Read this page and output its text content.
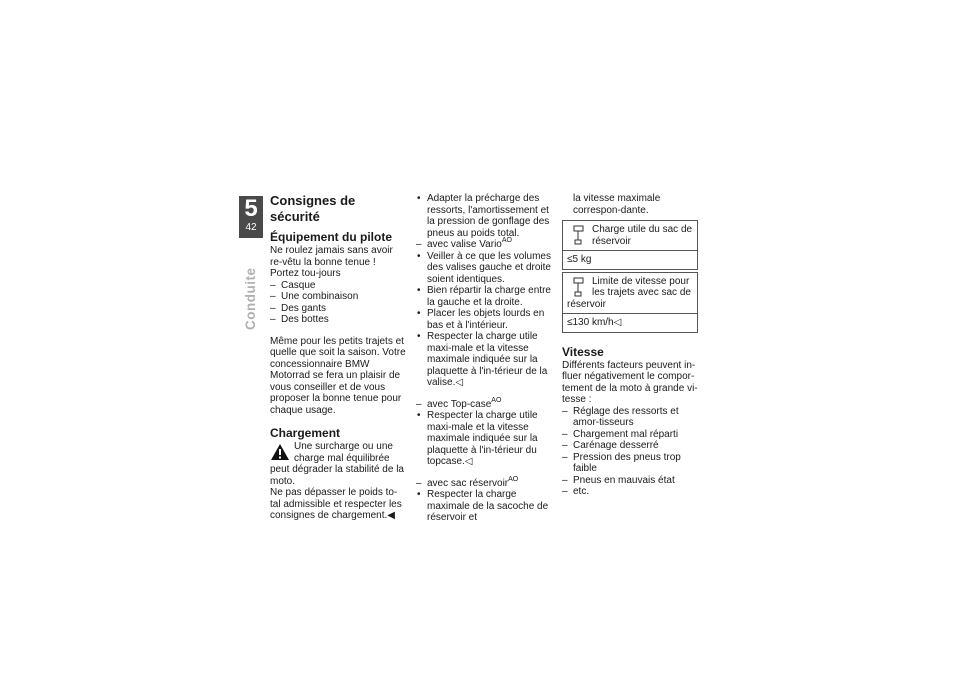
5
42
Conduite
Consignes de sécurité
Équipement du pilote

Ne roulez jamais sans avoir re-vêtu la bonne tenue ! Portez tou-jours

– Casque
– Une combinaison
– Des gants
– Des bottes

Même pour les petits trajets et quelle que soit la saison. Votre concessionnaire BMW Motorrad se fera un plaisir de vous conseiller et de vous proposer la bonne tenue pour chaque usage.

Chargement

Une surcharge ou une charge mal équilibrée peut dégrader la stabilité de la moto.

Ne pas dépasser le poids to-tal admissible et respecter les consignes de chargement.◀

• Adapter la précharge des ressorts, l'amortissement et la pression de gonflage des pneus au poids total.
– avec valise Vario$^{AO}$
• Veiller à ce que les volumes des valises gauche et droite soient identiques.
• Bien répartir la charge entre la gauche et la droite.
• Placer les objets lourds en bas et à l'intérieur.
• Respecter la charge utile maxi-male et la vitesse maximale indiquée sur la plaquette à l'in-térieur de la valise.◁
– avec Top-case$^{AO}$
• Respecter la charge utile maxi-male et la vitesse maximale indiquée sur la plaquette à l'in-térieur du topcase.◁
– avec sac réservoir$^{AO}$
• Respecter la charge maximale de la sacoche de réservoir et

la vitesse maximale correspon-dante.

Charge utile du sac de réservoir
≤5 kg
Limite de vitesse pour les trajets avec sac de réservoir
≤130 km/h◁
Vitesse

Différents facteurs peuvent in-fluer négativement le compor-tement de la moto à grande vi-tesse :

– Réglage des ressorts et amor-tisseurs
– Chargement mal réparti
– Carénage desserré
– Pression des pneus trop faible
– Pneus en mauvais état
– etc.
